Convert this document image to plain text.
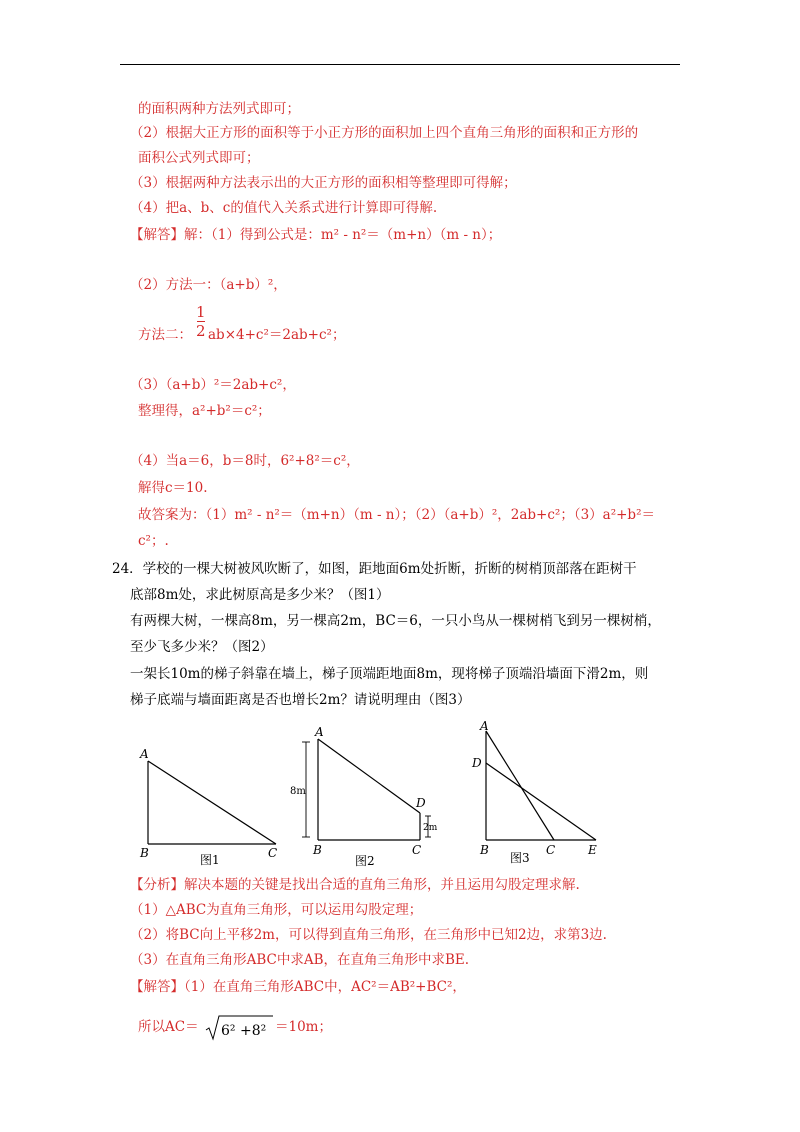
的面积两种方法列式即可；
（2）根据大正方形的面积等于小正方形的面积加上四个直角三角形的面积和正方形的
面积公式列式即可；
（3）根据两种方法表示出的大正方形的面积相等整理即可得解；
（4）把a、b、c的值代入关系式进行计算即可得解.
【解答】解：（1）得到公式是：m² - n²＝（m+n）（m - n）；
（2）方法一：（a+b）²，
1
2
方法二： ab×4+c²＝2ab+c²；
（3）（a+b）²＝2ab+c²，
整理得，a²+b²＝c²；
（4）当a＝6，b＝8时，6²+8²＝c²，
解得c＝10.
故答案为：（1）m² - n²＝（m+n）（m - n）；（2）（a+b）²，2ab+c²；（3）a²+b²＝
c²；.
24．学校的一棵大树被风吹断了，如图，距地面6m处折断，折断的树梢顶部落在距树干
底部8m处，求此树原高是多少米？（图1）
有两棵大树，一棵高8m，另一棵高2m，BC＝6，一只小鸟从一棵树梢飞到另一棵树梢，
至少飞多少米？（图2）
一架长10m的梯子斜靠在墙上，梯子顶端距地面8m，现将梯子顶端沿墙面下滑2m，则
梯子底端与墙面距离是否也增长2m？请说明理由（图3）
A
B	C
图1
A
B	C
D
8m
2m
图2
A
D
B	C	E
图3
【分析】解决本题的关键是找出合适的直角三角形，并且运用勾股定理求解.
（1）△ABC为直角三角形，可以运用勾股定理；
（2）将BC向上平移2m，可以得到直角三角形，在三角形中已知2边，求第3边.
（3）在直角三角形ABC中求AB，在直角三角形中求BE.
【解答】（1）在直角三角形ABC中，AC²＝AB²+BC²，
所以AC＝ 6² +8² ＝10m；
